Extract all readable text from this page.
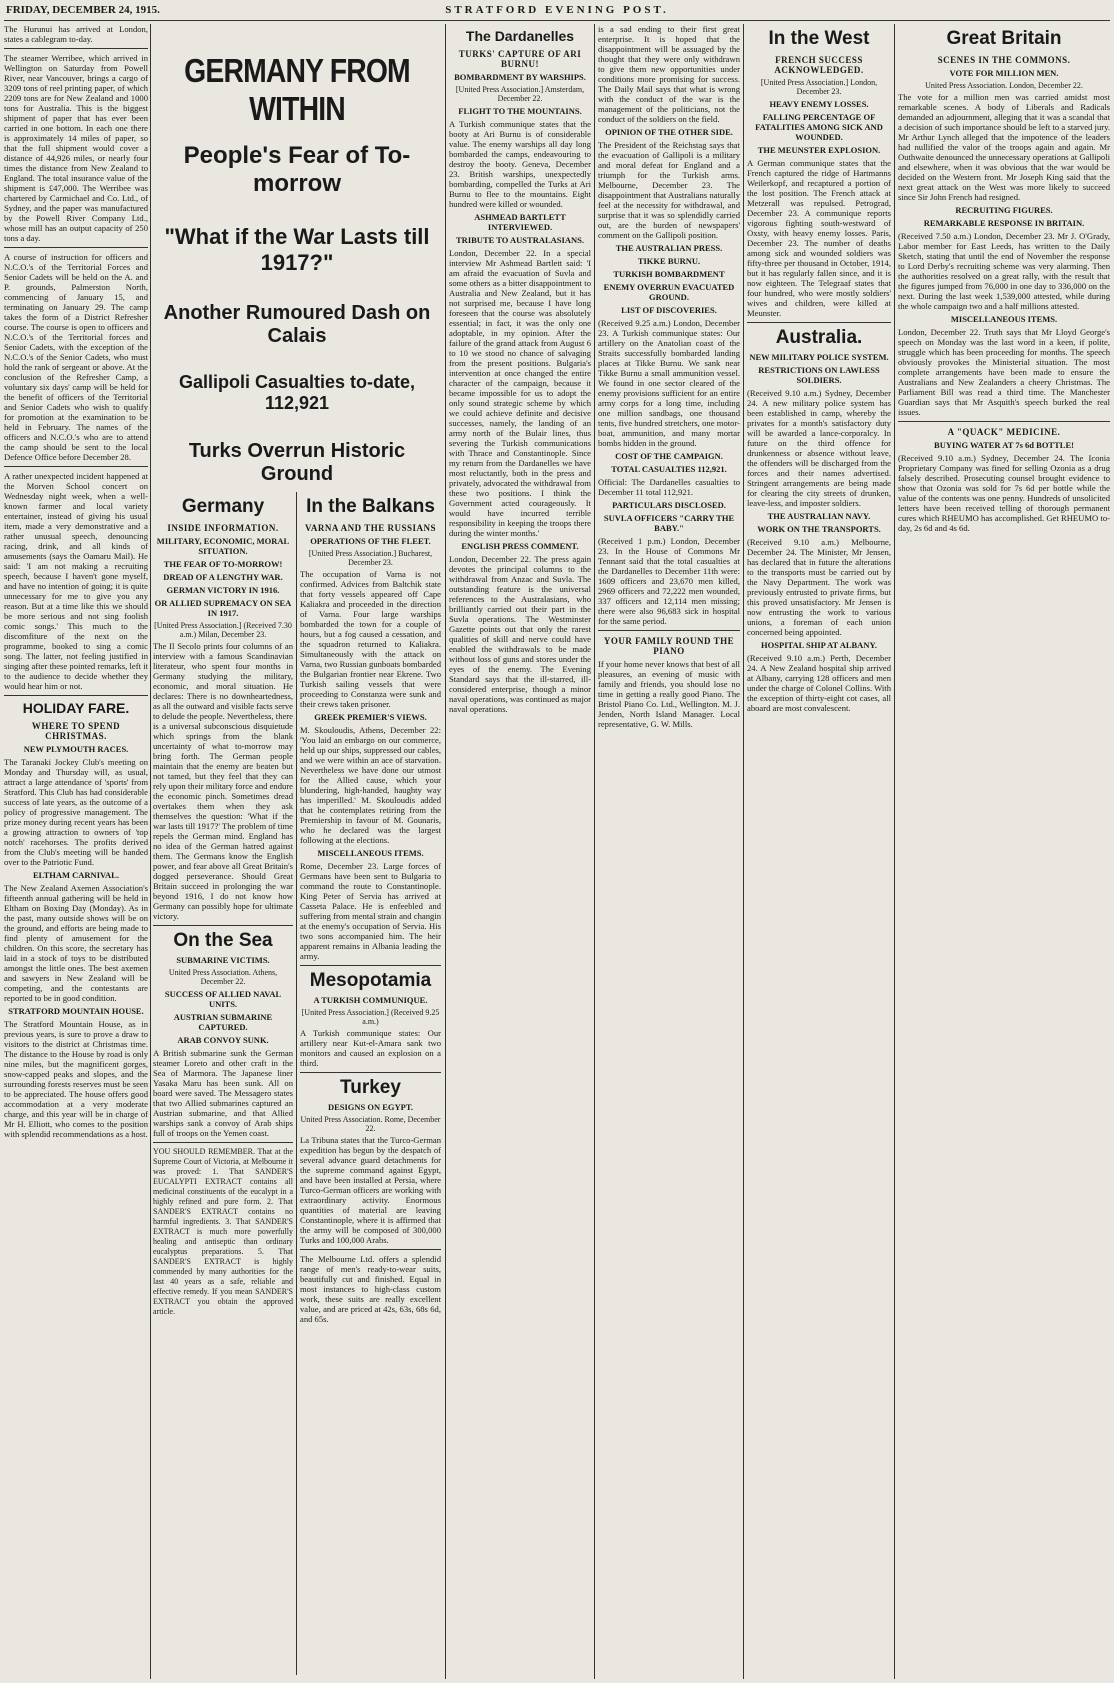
FRIDAY, DECEMBER 24, 1915.	STRATFORD EVENING POST.

The Hurunui has arrived at London, states a cablegram to-day.

The steamer Werribee, which arrived in Wellington on Saturday from Powell River, near Vancouver, brings a cargo of 3209 tons of reel printing paper, of which 2209 tons are for New Zealand and 1000 tons for Australia. This is the biggest shipment of paper that has ever been carried in one bottom. In each one there is approximately 14 miles of paper, so that the full shipment would cover a distance of 44,926 miles, or nearly four times the distance from New Zealand to England. The total insurance value of the shipment is £47,000. The Werribee was chartered by Carmichael and Co. Ltd., of Sydney, and the paper was manufactured by the Powell River Company Ltd., whose mill has an output capacity of 250 tons a day.

A course of instruction for officers and N.C.O.'s of the Territorial Forces and Senior Cadets will be held on the A. and P. grounds, Palmerston North, commencing of January 15, and terminating on January 29. The camp takes the form of a District Refresher course. The course is open to officers and N.C.O.'s of the Territorial forces and Senior Cadets, with the exception of the N.C.O.'s of the Senior Cadets, who must hold the rank of sergeant or above. At the conclusion of the Refresher Camp, a voluntary six days' camp will be held for the benefit of officers of the Territorial and Senior Cadets who wish to qualify for promotion at the examination to be held in February. The names of the officers and N.C.O.'s who are to attend the camp should be sent to the local Defence Office before December 28.

A rather unexpected incident happened at the Morven School concert on Wednesday night week, when a well-known farmer and local variety entertainer, instead of giving his usual item, made a very demonstrative and a rather unusual speech, denouncing racing, drink, and all kinds of amusements (says the Oamaru Mail). He said: 'I am not making a recruiting speech, because I haven't gone myself, and have no intention of going; it is quite unnecessary for me to give you any reason. But at a time like this we should be more serious and not sing foolish comic songs.' This much to the discomfiture of the next on the programme, booked to sing a comic song. The latter, not feeling justified in singing after these pointed remarks, left it to the audience to decide whether they would hear him or not.

HOLIDAY FARE.
WHERE TO SPEND CHRISTMAS.
NEW PLYMOUTH RACES.

The Taranaki Jockey Club's meeting on Monday and Thursday will, as usual, attract a large attendance of 'sports' from Stratford. This Club has had considerable success of late years, as the outcome of a policy of progressive management. The prize money during recent years has been a growing attraction to owners of 'top notch' racehorses. The profits derived from the Club's meeting will be handed over to the Patriotic Fund.

ELTHAM CARNIVAL.

The New Zealand Axemen Association's fifteenth annual gathering will be held in Eltham on Boxing Day (Monday). As in the past, many outside shows will be on the ground, and efforts are being made to find plenty of amusement for the children. On this score, the secretary has laid in a stock of toys to be distributed amongst the little ones. The best axemen and sawyers in New Zealand will be competing, and the contestants are reported to be in good condition.

STRATFORD MOUNTAIN HOUSE.

The Stratford Mountain House, as in previous years, is sure to prove a draw to visitors to the district at Christmas time. The distance to the House by road is only nine miles, but the magnificent gorges, snow-capped peaks and slopes, and the surrounding forests reserves must be seen to be appreciated. The house offers good accommodation at a very moderate charge, and this year will be in charge of Mr H. Elliott, who comes to the position with splendid recommendations as a host.

GERMANY FROM WITHIN
People's Fear of To-morrow
"What if the War Lasts till 1917?"
Another Rumoured Dash on Calais
Gallipoli Casualties to-date, 112,921
Turks Overrun Historic Ground
Germany
INSIDE INFORMATION.
MILITARY, ECONOMIC, MORAL SITUATION.
THE FEAR OF TO-MORROW!
DREAD OF A LENGTHY WAR.
GERMAN VICTORY IN 1916.
OR ALLIED SUPREMACY ON SEA IN 1917.
[United Press Association.] (Received 7.30 a.m.) Milan, December 23.

The Il Secolo prints four columns of an interview with a famous Scandinavian literateur, who spent four months in Germany studying the military, economic, and moral situation. He declares: There is no downheartedness, as all the outward and visible facts serve to delude the people. Nevertheless, there is a universal subconscious disquietude which springs from the blank uncertainty of what to-morrow may bring forth. The German people maintain that the enemy are beaten but not tamed, but they feel that they can rely upon their military force and endure the economic pinch. Sometimes dread overtakes them when they ask themselves the question: 'What if the war lasts till 1917?' The problem of time repels the German mind. England has no idea of the German hatred against them. The Germans know the English power, and fear above all Great Britain's dogged perseverance. Should Great Britain succeed in prolonging the war beyond 1916, I do not know how Germany can possibly hope for ultimate victory.

On the Sea
SUBMARINE VICTIMS.
United Press Association. Athens, December 22.
SUCCESS OF ALLIED NAVAL UNITS.
AUSTRIAN SUBMARINE CAPTURED.
ARAB CONVOY SUNK.

A British submarine sunk the German steamer Loreto and other craft in the Sea of Marmora. The Japanese liner Yasaka Maru has been sunk. All on board were saved. The Messagero states that two Allied submarines captured an Austrian submarine, and that Allied warships sank a convoy of Arab ships full of troops on the Yemen coast.

YOU SHOULD REMEMBER. That at the Supreme Court of Victoria, at Melbourne it was proved: 1. That SANDER'S EUCALYPTI EXTRACT contains all medicinal constituents of the eucalypt in a highly refined and pure form. 2. That SANDER'S EXTRACT contains no harmful ingredients. 3. That SANDER'S EXTRACT is much more powerfully healing and antiseptic than ordinary eucalyptus preparations. 5. That SANDER'S EXTRACT is highly commended by many authorities for the last 40 years as a safe, reliable and effective remedy. If you mean SANDER'S EXTRACT you obtain the approved article.

In the Balkans
VARNA AND THE RUSSIANS
OPERATIONS OF THE FLEET.
[United Press Association.] Bucharest, December 23.

The occupation of Varna is not confirmed. Advices from Baltchik state that forty vessels appeared off Cape Kaliakra and proceeded in the direction of Varna. Four large warships bombarded the town for a couple of hours, but a fog caused a cessation, and the squadron returned to Kaliakra. Simultaneously with the attack on Varna, two Russian gunboats bombarded the Bulgarian frontier near Ekrene. Two Turkish sailing vessels that were proceeding to Constanza were sunk and their crews taken prisoner.

GREEK PREMIER'S VIEWS.

M. Skouloudis, Athens, December 22: 'You laid an embargo on our commerce, held up our ships, suppressed our cables, and we were within an ace of starvation. Nevertheless we have done our utmost for the Allied cause, which your blundering, high-handed, haughty way has imperilled.' M. Skouloudis added that he contemplates retiring from the Premiership in favour of M. Gounaris, who he declared was the largest following at the elections.

MISCELLANEOUS ITEMS.

Rome, December 23. Large forces of Germans have been sent to Bulgaria to command the route to Constantinople. King Peter of Servia has arrived at Casseta Palace. He is enfeebled and suffering from mental strain and changin at the enemy's occupation of Servia. His two sons accompanied him. The heir apparent remains in Albania leading the army.

Mesopotamia
A TURKISH COMMUNIQUE.
[United Press Association.] (Received 9.25 a.m.)

A Turkish communique states: Our artillery near Kut-el-Amara sank two monitors and caused an explosion on a third.

Turkey
DESIGNS ON EGYPT.
United Press Association. Rome, December 22.

La Tribuna states that the Turco-German expedition has begun by the despatch of several advance guard detachments for the supreme command against Egypt, and have been installed at Persia, where Turco-German officers are working with extraordinary activity. Enormous quantities of material are leaving Constantinople, where it is affirmed that the army will be composed of 300,000 Turks and 100,000 Arabs.

The Melbourne Ltd. offers a splendid range of men's ready-to-wear suits, beautifully cut and finished. Equal in most instances to high-class custom work, these suits are really excellent value, and are priced at 42s, 63s, 68s 6d, and 65s.

The Dardanelles
TURKS' CAPTURE OF ARI BURNU!
BOMBARDMENT BY WARSHIPS.
[United Press Association.] Amsterdam, December 22.
FLIGHT TO THE MOUNTAINS.

A Turkish communique states that the booty at Ari Burnu is of considerable value. The enemy warships all day long bombarded the camps, endeavouring to destroy the booty. Geneva, December 23. British warships, unexpectedly bombarding, compelled the Turks at Ari Burnu to flee to the mountains. Eight hundred were killed or wounded.

ASHMEAD BARTLETT INTERVIEWED.
TRIBUTE TO AUSTRALASIANS.

London, December 22. In a special interview Mr Ashmead Bartlett said: 'I am afraid the evacuation of Suvla and some others as a bitter disappointment to Australia and New Zealand, but it has not surprised me, because I have long foreseen that the course was absolutely essential; in fact, it was the only one adoptable, in my opinion. After the failure of the grand attack from August 6 to 10 we stood no chance of salvaging from the present positions. Bulgaria's intervention at once changed the entire character of the campaign, because it became impossible for us to adopt the only sound strategic scheme by which we could achieve definite and decisive successes, namely, the landing of an army north of the Bulair lines, thus severing the Turkish communications with Thrace and Constantinople. Since my return from the Dardanelles we have most reluctantly, both in the press and privately, advocated the withdrawal from these two positions. I think the Government acted courageously. It would have incurred terrible responsibility in keeping the troops there during the winter months.'

ENGLISH PRESS COMMENT.

London, December 22. The press again devotes the principal columns to the withdrawal from Anzac and Suvla. The outstanding feature is the universal references to the Australasians, who brilliantly carried out their part in the Suvla operations. The Westminster Gazette points out that only the rarest qualities of skill and nerve could have enabled the withdrawals to be made without loss of guns and stores under the eyes of the enemy. The Evening Standard says that the ill-starred, ill-considered enterprise, though a minor naval operations, was continued as major naval operations.

is a sad ending to their first great enterprise. It is hoped that the disappointment will be assuaged by the thought that they were only withdrawn to give them new opportunities under conditions more promising for success. The Daily Mail says that what is wrong with the conduct of the war is the management of the politicians, not the conduct of the soldiers on the field.

OPINION OF THE OTHER SIDE.

The President of the Reichstag says that the evacuation of Gallipoli is a military and moral defeat for England and a triumph for the Turkish arms. Melbourne, December 23. The disappointment that Australians naturally feel at the necessity for withdrawal, and surprise that it was so splendidly carried out, are the burden of newspapers' comment on the Gallipoli position.

THE AUSTRALIAN PRESS.
TIKKE BURNU.
TURKISH BOMBARDMENT
ENEMY OVERRUN EVACUATED GROUND.
LIST OF DISCOVERIES.

(Received 9.25 a.m.) London, December 23. A Turkish communique states: Our artillery on the Anatolian coast of the Straits successfully bombarded landing places at Tikke Burnu. We sank near Tikke Burnu a small ammunition vessel. We found in one sector cleared of the enemy provisions sufficient for an entire army corps for a long time, including one million sandbags, one thousand tents, five hundred stretchers, one motor-boat, ammunition, and many mortar bombs hidden in the ground.

COST OF THE CAMPAIGN.
TOTAL CASUALTIES 112,921.

Official: The Dardanelles casualties to December 11 total 112,921.

PARTICULARS DISCLOSED.
SUVLA OFFICERS "CARRY THE BABY."

(Received 1 p.m.) London, December 23. In the House of Commons Mr Tennant said that the total casualties at the Dardanelles to December 11th were: 1609 officers and 23,670 men killed, 2969 officers and 72,222 men wounded, 337 officers and 12,114 men missing; there were also 96,683 sick in hospital for the same period.

YOUR FAMILY ROUND THE PIANO

If your home never knows that best of all pleasures, an evening of music with family and friends, you should lose no time in getting a really good Piano. The Bristol Piano Co. Ltd., Wellington. M. J. Jenden, North Island Manager. Local representative, G. W. Mills.

In the West
FRENCH SUCCESS ACKNOWLEDGED.
[United Press Association.] London, December 23.
HEAVY ENEMY LOSSES.
FALLING PERCENTAGE OF FATALITIES AMONG SICK AND WOUNDED.
THE MEUNSTER EXPLOSION.

A German communique states that the French captured the ridge of Hartmanns Weilerkopf, and recaptured a portion of the lost position. The French attack at Metzerall was repulsed. Petrograd, December 23. A communique reports vigorous fighting south-westward of Oxsty, with heavy enemy losses. Paris, December 23. The number of deaths among sick and wounded soldiers was fifty-three per thousand in October, 1914, but it has regularly fallen since, and it is now eighteen. The Telegraaf states that four hundred, who were mostly soldiers' wives and children, were killed at Meunster.

Australia.
NEW MILITARY POLICE SYSTEM.
RESTRICTIONS ON LAWLESS SOLDIERS.

(Received 9.10 a.m.) Sydney, December 24. A new military police system has been established in camp, whereby the privates for a month's satisfactory duty will be awarded a lance-corporalcy. In future on the third offence for drunkenness or absence without leave, the offenders will be discharged from the forces and their names advertised. Stringent arrangements are being made for clearing the city streets of drunken, leave-less, and imposter soldiers.

THE AUSTRALIAN NAVY.
WORK ON THE TRANSPORTS.

(Received 9.10 a.m.) Melbourne, December 24. The Minister, Mr Jensen, has declared that in future the alterations to the transports must be carried out by the Navy Department. The work was previously entrusted to private firms, but this proved unsatisfactory. Mr Jensen is now entrusting the work to various unions, a foreman of each union concerned being appointed.

HOSPITAL SHIP AT ALBANY.

(Received 9.10 a.m.) Perth, December 24. A New Zealand hospital ship arrived at Albany, carrying 128 officers and men under the charge of Colonel Collins. With the exception of thirty-eight cot cases, all aboard are most convalescent.

Great Britain
SCENES IN THE COMMONS.
VOTE FOR MILLION MEN.
United Press Association. London, December 22.

The vote for a million men was carried amidst most remarkable scenes. A body of Liberals and Radicals demanded an adjournment, alleging that it was a scandal that a decision of such importance should be left to a starved jury. Mr Arthur Lynch alleged that the impotence of the leaders had nullified the valor of the troops again and again. Mr Outhwaite denounced the unnecessary operations at Gallipoli and elsewhere, when it was obvious that the war would be decided on the Western front. Mr Joseph King said that the next great attack on the West was more likely to succeed since Sir John French had resigned.

RECRUITING FIGURES.
REMARKABLE RESPONSE IN BRITAIN.

(Received 7.50 a.m.) London, December 23. Mr J. O'Grady, Labor member for East Leeds, has written to the Daily Sketch, stating that until the end of November the response to Lord Derby's recruiting scheme was very alarming. Then the authorities resolved on a great rally, with the result that the figures jumped from 76,000 in one day to 336,000 on the next. During the last week 1,539,000 attested, while during the whole campaign two and a half millions attested.

MISCELLANEOUS ITEMS.

London, December 22. Truth says that Mr Lloyd George's speech on Monday was the last word in a keen, if polite, struggle which has been proceeding for months. The speech obviously provokes the Ministerial situation. The most complete arrangements have been made to ensure the Australians and New Zealanders a cheery Christmas. The Parliament Bill was read a third time. The Manchester Guardian says that Mr Asquith's speech burked the real issues.

A "QUACK" MEDICINE.
BUYING WATER AT 7s 6d BOTTLE!

(Received 9.10 a.m.) Sydney, December 24. The Iconia Proprietary Company was fined for selling Ozonia as a drug falsely described. Prosecuting counsel brought evidence to show that Ozonia was sold for 7s 6d per bottle while the value of the contents was one penny. Hundreds of unsolicited letters have been received telling of thorough permanent cures which RHEUMO has accomplished. Get RHEUMO to-day, 2s 6d and 4s 6d.
